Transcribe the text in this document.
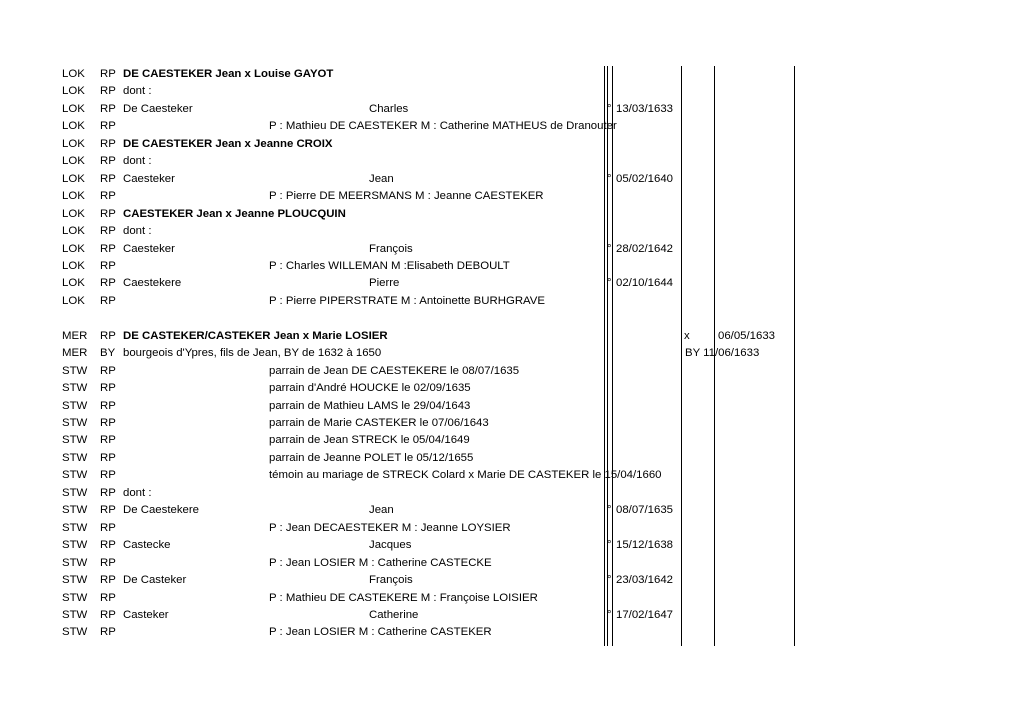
LOK RP DE CAESTEKER Jean x Louise GAYOT
LOK RP dont :
LOK RP De Caesteker	Charles	° 13/03/1633
LOK RP	P : Mathieu DE CAESTEKER M : Catherine MATHEUS de Dranouter
LOK RP DE CAESTEKER Jean x Jeanne CROIX
LOK RP dont :
LOK RP Caesteker	Jean	° 05/02/1640
LOK RP	P : Pierre DE MEERSMANS M : Jeanne CAESTEKER
LOK RP CAESTEKER Jean x Jeanne PLOUCQUIN
LOK RP dont :
LOK RP Caesteker	François	° 28/02/1642
LOK RP	P : Charles WILLEMAN M :Elisabeth DEBOULT
LOK RP Caestekere	Pierre	° 02/10/1644
LOK RP	P : Pierre PIPERSTRATE M : Antoinette BURHGRAVE
MER RP DE CASTEKER/CASTEKER Jean x Marie LOSIER	x 06/05/1633
MER BY bourgeois d'Ypres, fils de Jean, BY de 1632 à 1650	BY 11/06/1633
STW RP	parrain de Jean DE CAESTEKERE le 08/07/1635
STW RP	parrain d'André HOUCKE le 02/09/1635
STW RP	parrain de Mathieu LAMS le 29/04/1643
STW RP	parrain de Marie CASTEKER le 07/06/1643
STW RP	parrain de Jean STRECK le 05/04/1649
STW RP	parrain de Jeanne POLET le 05/12/1655
STW RP	témoin au mariage de STRECK Colard x Marie DE CASTEKER le 15/04/1660
STW RP dont :
STW RP De Caestekere	Jean	° 08/07/1635
STW RP	P : Jean DECAESTEKER M : Jeanne LOYSIER
STW RP Castecke	Jacques	° 15/12/1638
STW RP	P : Jean LOSIER M : Catherine CASTECKE
STW RP De Casteker	François	° 23/03/1642
STW RP	P : Mathieu DE CASTEKERE M : Françoise LOISIER
STW RP Casteker	Catherine	° 17/02/1647
STW RP	P : Jean LOSIER M : Catherine CASTEKER
